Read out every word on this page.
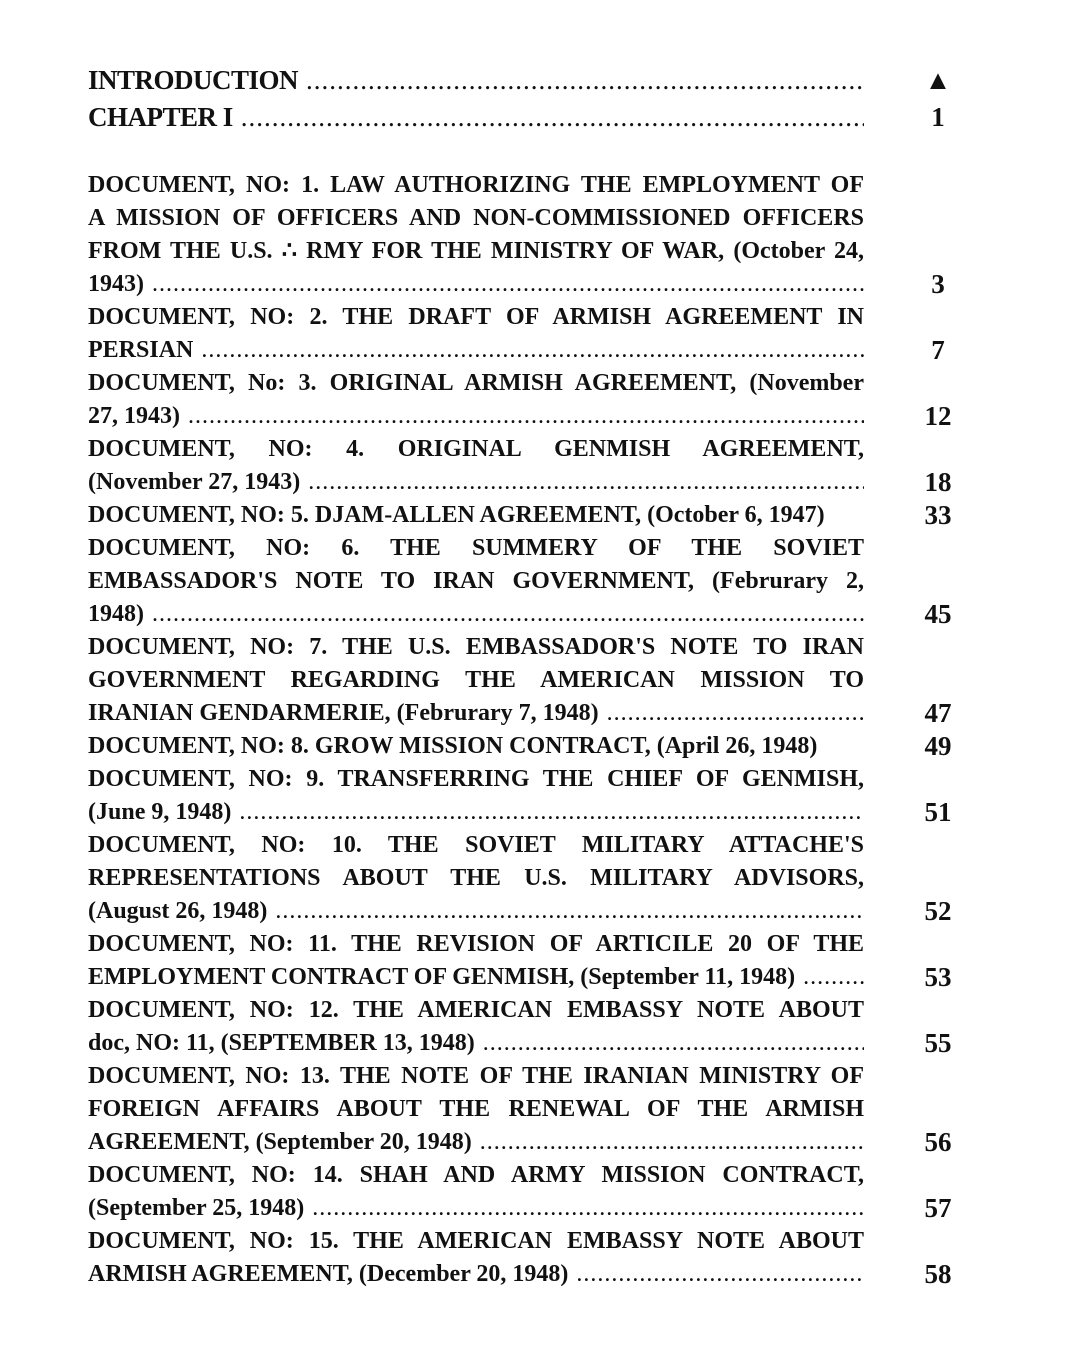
INTRODUCTION .....	▲
CHAPTER I .....	1
DOCUMENT, NO: 1. LAW AUTHORIZING THE EMPLOYMENT OF
A MISSION OF OFFICERS AND NON-COMMISSIONED OFFICERS
FROM THE U.S. ∴ RMY FOR THE MINISTRY OF WAR, (October 24,
1943) .....	3
DOCUMENT, NO: 2. THE DRAFT OF ARMISH AGREEMENT IN
PERSIAN .....	7
DOCUMENT, No: 3. ORIGINAL ARMISH AGREEMENT, (November
27, 1943) .....	12
DOCUMENT, NO: 4. ORIGINAL GENMISH AGREEMENT,
(November 27, 1943) .....	18
DOCUMENT, NO: 5. DJAM-ALLEN AGREEMENT, (October 6, 1947)	33
DOCUMENT, NO: 6. THE SUMMERY OF THE SOVIET
EMBASSADOR'S NOTE TO IRAN GOVERNMENT, (Februrary 2,
1948) .....	45
DOCUMENT, NO: 7. THE U.S. EMBASSADOR'S NOTE TO IRAN
GOVERNMENT REGARDING THE AMERICAN MISSION TO
IRANIAN GENDARMERIE, (Februrary 7, 1948) .....	47
DOCUMENT, NO: 8. GROW MISSION CONTRACT, (April 26, 1948)	49
DOCUMENT, NO: 9. TRANSFERRING THE CHIEF OF GENMISH,
(June 9, 1948) .....	51
DOCUMENT, NO: 10. THE SOVIET MILITARY ATTACHE'S
REPRESENTATIONS ABOUT THE U.S. MILITARY ADVISORS,
(August 26, 1948) .....	52
DOCUMENT, NO: 11. THE REVISION OF ARTICILE 20 OF THE
EMPLOYMENT CONTRACT OF GENMISH, (September 11, 1948) .....	53
DOCUMENT, NO: 12. THE AMERICAN EMBASSY NOTE ABOUT
doc, NO: 11, (SEPTEMBER 13, 1948) .....	55
DOCUMENT, NO: 13. THE NOTE OF THE IRANIAN MINISTRY OF
FOREIGN AFFAIRS ABOUT THE RENEWAL OF THE ARMISH
AGREEMENT, (September 20, 1948) .....	56
DOCUMENT, NO: 14. SHAH AND ARMY MISSION CONTRACT,
(September 25, 1948) .....	57
DOCUMENT, NO: 15. THE AMERICAN EMBASSY NOTE ABOUT
ARMISH AGREEMENT, (December 20, 1948) .....	58
